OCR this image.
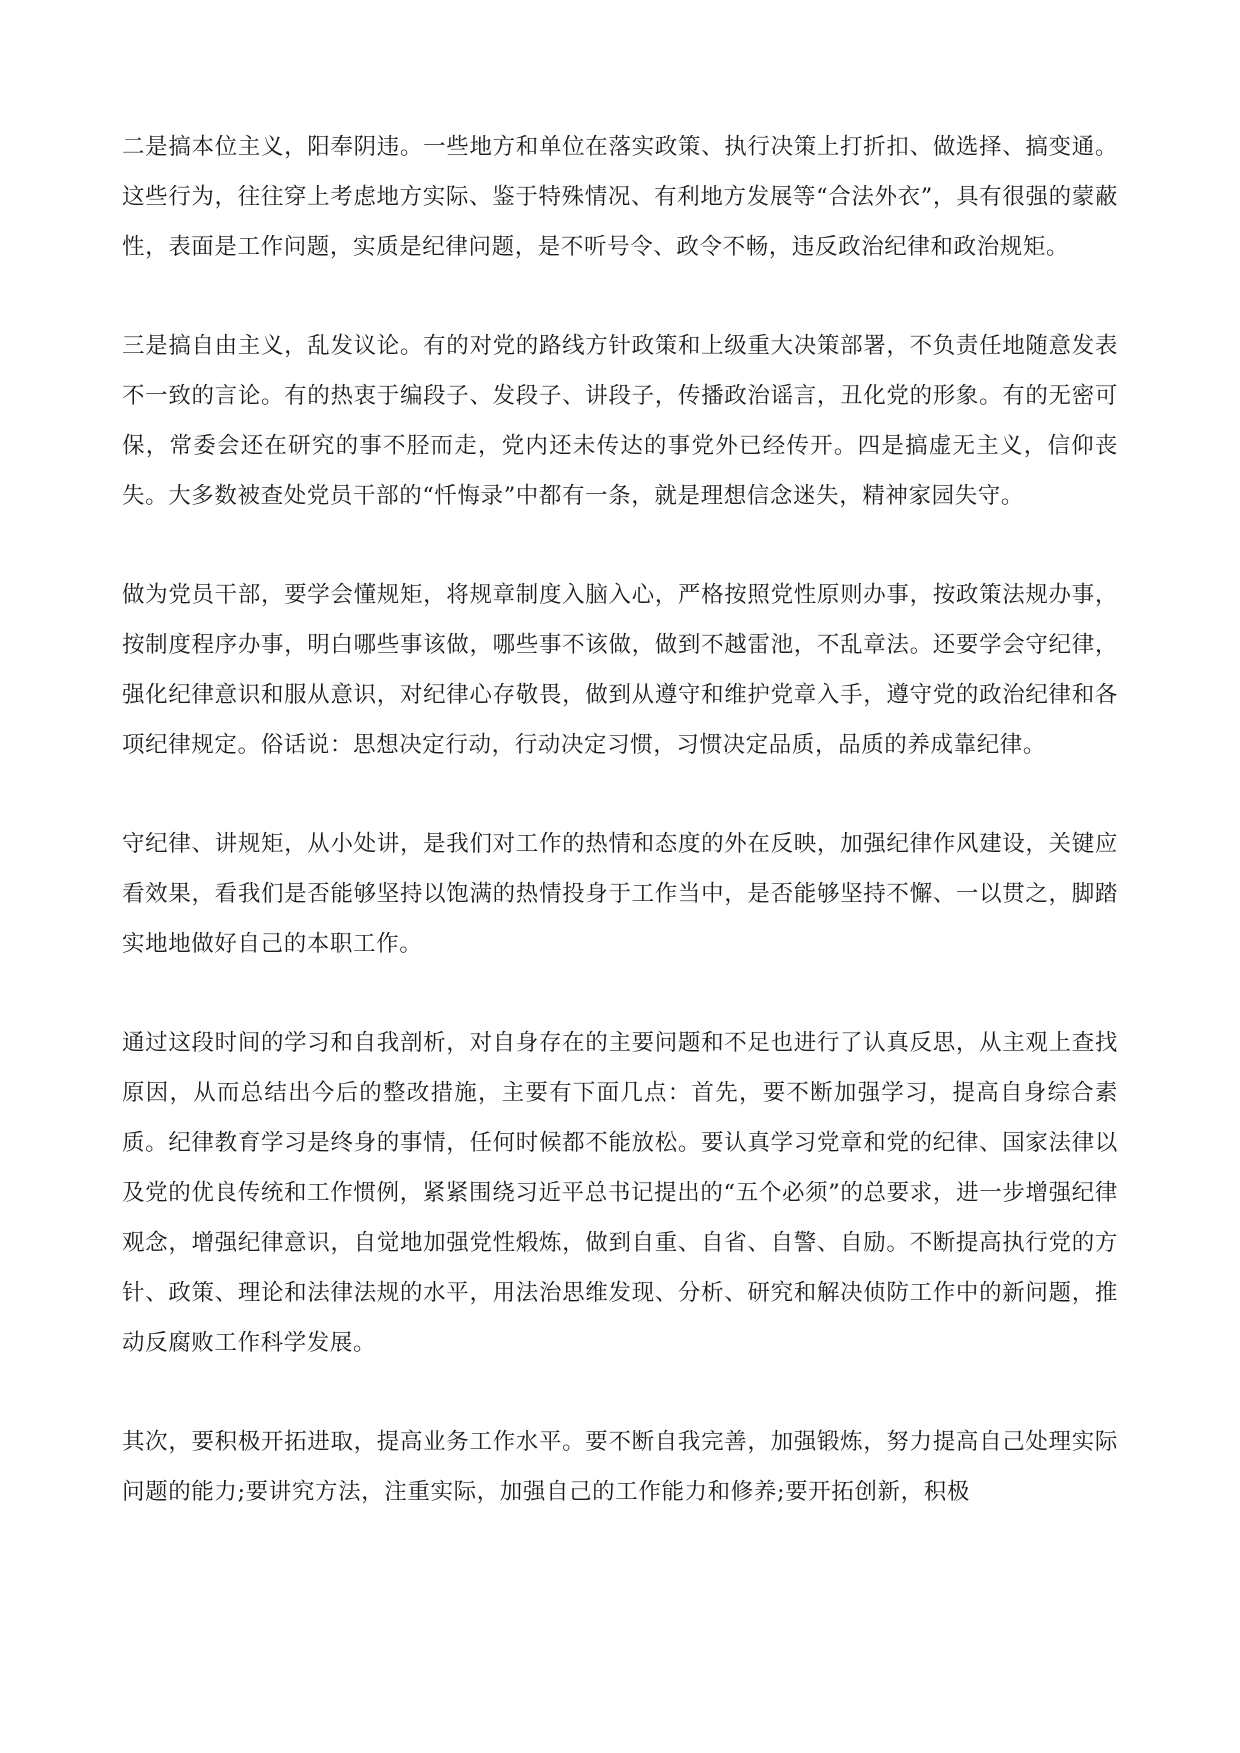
二是搞本位主义，阳奉阴违。一些地方和单位在落实政策、执行决策上打折扣、做选择、搞变通。这些行为，往往穿上考虑地方实际、鉴于特殊情况、有利地方发展等“合法外衣”，具有很强的蒙蔽性，表面是工作问题，实质是纪律问题，是不听号令、政令不畅，违反政治纪律和政治规矩。

三是搞自由主义，乱发议论。有的对党的路线方针政策和上级重大决策部署，不负责任地随意发表不一致的言论。有的热衷于编段子、发段子、讲段子，传播政治谣言，丑化党的形象。有的无密可保，常委会还在研究的事不胫而走，党内还未传达的事党外已经传开。四是搞虚无主义，信仰丧失。大多数被查处党员干部的“忏悔录”中都有一条，就是理想信念迷失，精神家园失守。

做为党员干部，要学会懂规矩，将规章制度入脑入心，严格按照党性原则办事，按政策法规办事，按制度程序办事，明白哪些事该做，哪些事不该做，做到不越雷池，不乱章法。还要学会守纪律，强化纪律意识和服从意识，对纪律心存敬畏，做到从遵守和维护党章入手，遵守党的政治纪律和各项纪律规定。俗话说：思想决定行动，行动决定习惯，习惯决定品质，品质的养成靠纪律。

守纪律、讲规矩，从小处讲，是我们对工作的热情和态度的外在反映，加强纪律作风建设，关键应看效果，看我们是否能够坚持以饱满的热情投身于工作当中，是否能够坚持不懈、一以贯之，脚踏实地地做好自己的本职工作。

通过这段时间的学习和自我剖析，对自身存在的主要问题和不足也进行了认真反思，从主观上查找原因，从而总结出今后的整改措施，主要有下面几点：首先，要不断加强学习，提高自身综合素质。纪律教育学习是终身的事情，任何时候都不能放松。要认真学习党章和党的纪律、国家法律以及党的优良传统和工作惯例，紧紧围绕习近平总书记提出的“五个必须”的总要求，进一步增强纪律观念，增强纪律意识，自觉地加强党性煅炼，做到自重、自省、自警、自励。不断提高执行党的方针、政策、理论和法律法规的水平，用法治思维发现、分析、研究和解决侦防工作中的新问题，推动反腐败工作科学发展。

其次，要积极开拓进取，提高业务工作水平。要不断自我完善，加强锻炼，努力提高自己处理实际问题的能力;要讲究方法，注重实际，加强自己的工作能力和修养;要开拓创新，积极
